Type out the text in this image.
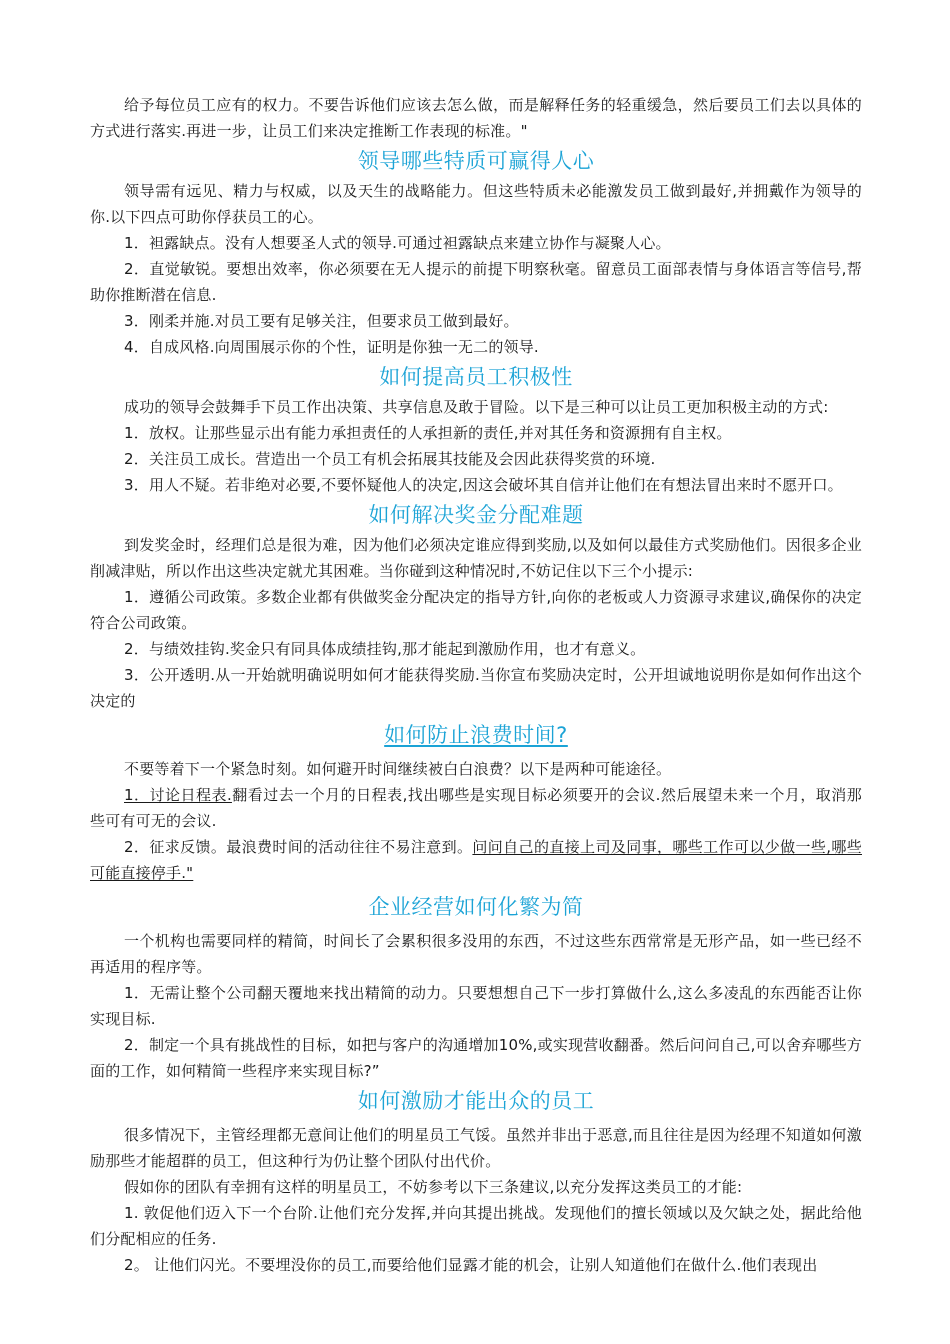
给予每位员工应有的权力。不要告诉他们应该去怎么做，而是解释任务的轻重缓急，然后要员工们去以具体的方式进行落实.再进一步，让员工们来决定推断工作表现的标准。"

领导哪些特质可赢得人心

领导需有远见、精力与权威，以及天生的战略能力。但这些特质未必能激发员工做到最好,并拥戴作为领导的你.以下四点可助你俘获员工的心。

1．袒露缺点。没有人想要圣人式的领导.可通过袒露缺点来建立协作与凝聚人心。

2．直觉敏锐。要想出效率，你必须要在无人提示的前提下明察秋毫。留意员工面部表情与身体语言等信号,帮助你推断潜在信息.

3．刚柔并施.对员工要有足够关注，但要求员工做到最好。

4．自成风格.向周围展示你的个性，证明是你独一无二的领导.

如何提高员工积极性

成功的领导会鼓舞手下员工作出决策、共享信息及敢于冒险。以下是三种可以让员工更加积极主动的方式:

1．放权。让那些显示出有能力承担责任的人承担新的责任,并对其任务和资源拥有自主权。

2．关注员工成长。营造出一个员工有机会拓展其技能及会因此获得奖赏的环境.

3．用人不疑。若非绝对必要,不要怀疑他人的决定,因这会破坏其自信并让他们在有想法冒出来时不愿开口。

如何解决奖金分配难题

到发奖金时，经理们总是很为难，因为他们必须决定谁应得到奖励,以及如何以最佳方式奖励他们。因很多企业削减津贴，所以作出这些决定就尤其困难。当你碰到这种情况时,不妨记住以下三个小提示:

1．遵循公司政策。多数企业都有供做奖金分配决定的指导方针,向你的老板或人力资源寻求建议,确保你的决定符合公司政策。

2．与绩效挂钩.奖金只有同具体成绩挂钩,那才能起到激励作用，也才有意义。

3．公开透明.从一开始就明确说明如何才能获得奖励.当你宣布奖励决定时，公开坦诚地说明你是如何作出这个决定的

如何防止浪费时间?

不要等着下一个紧急时刻。如何避开时间继续被白白浪费？以下是两种可能途径。

1．讨论日程表.翻看过去一个月的日程表,找出哪些是实现目标必须要开的会议.然后展望未来一个月，取消那些可有可无的会议.

2．征求反馈。最浪费时间的活动往往不易注意到。问问自己的直接上司及同事，哪些工作可以少做一些,哪些可能直接停手."

企业经营如何化繁为简

一个机构也需要同样的精简，时间长了会累积很多没用的东西，不过这些东西常常是无形产品，如一些已经不再适用的程序等。

1．无需让整个公司翻天覆地来找出精简的动力。只要想想自己下一步打算做什么,这么多凌乱的东西能否让你实现目标.

2．制定一个具有挑战性的目标，如把与客户的沟通增加10%,或实现营收翻番。然后问问自己,可以舍弃哪些方面的工作，如何精简一些程序来实现目标?”

如何激励才能出众的员工

很多情况下，主管经理都无意间让他们的明星员工气馁。虽然并非出于恶意,而且往往是因为经理不知道如何激励那些才能超群的员工，但这种行为仍让整个团队付出代价。

假如你的团队有幸拥有这样的明星员工，不妨参考以下三条建议,以充分发挥这类员工的才能:

1. 敦促他们迈入下一个台阶.让他们充分发挥,并向其提出挑战。发现他们的擅长领域以及欠缺之处，据此给他们分配相应的任务.

2。 让他们闪光。不要埋没你的员工,而要给他们显露才能的机会，让别人知道他们在做什么.他们表现出
